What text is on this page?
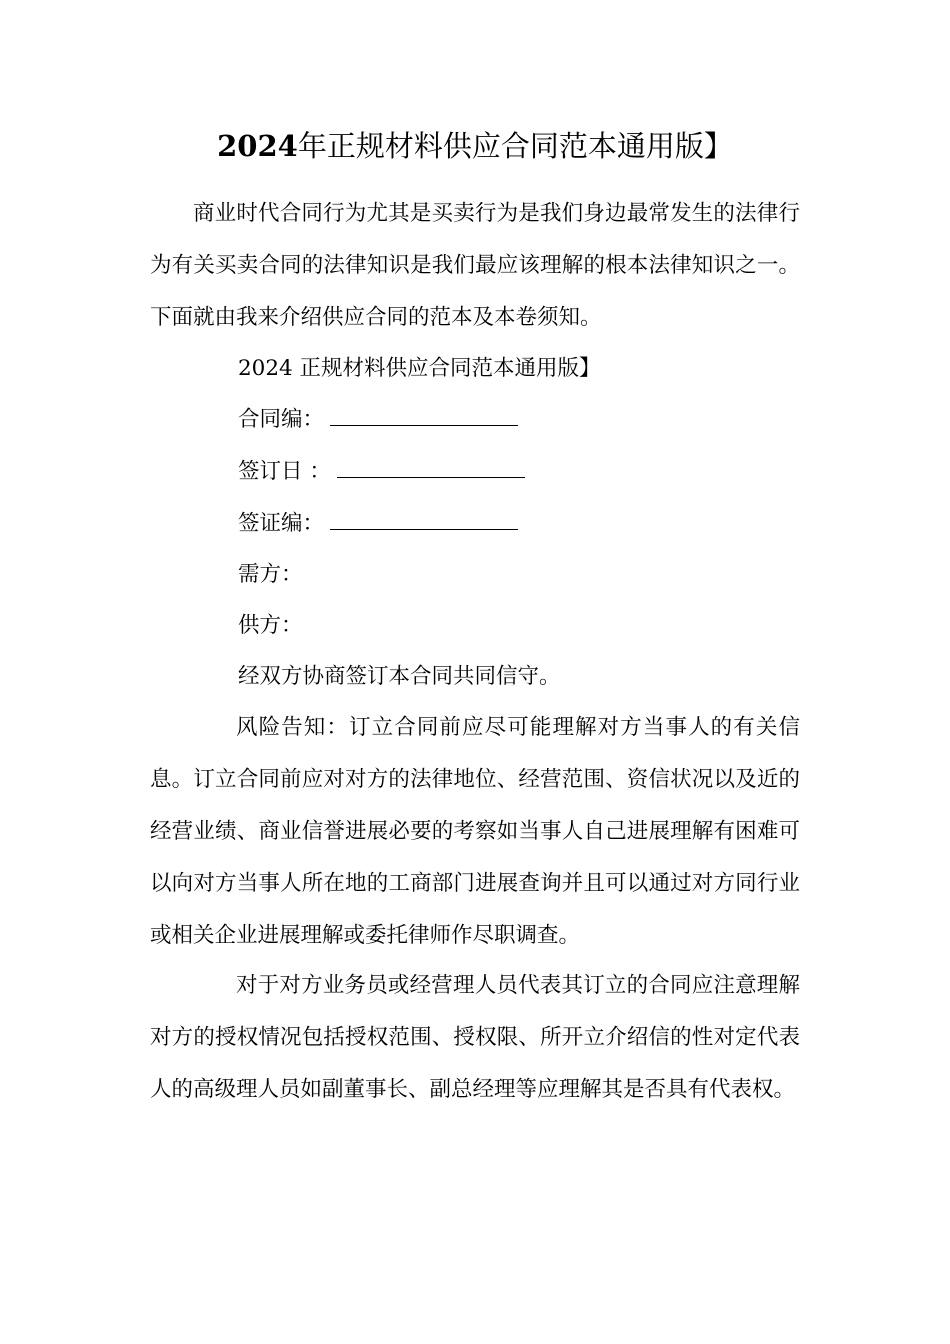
2024年正规材料供应合同范本通用版】

商业时代合同行为尤其是买卖行为是我们身边最常发生的法律行为有关买卖合同的法律知识是我们最应该理解的根本法律知识之一。下面就由我来介绍供应合同的范本及本卷须知。

2024 正规材料供应合同范本通用版】
合同编：
签订日 ：
签证编：
需方：
供方：
经双方协商签订本合同共同信守。

风险告知：订立合同前应尽可能理解对方当事人的有关信息。订立合同前应对对方的法律地位、经营范围、资信状况以及近的经营业绩、商业信誉进展必要的考察如当事人自己进展理解有困难可以向对方当事人所在地的工商部门进展查询并且可以通过对方同行业或相关企业进展理解或委托律师作尽职调查。

对于对方业务员或经营理人员代表其订立的合同应注意理解对方的授权情况包括授权范围、授权限、所开立介绍信的性对定代表人的高级理人员如副董事长、副总经理等应理解其是否具有代表权。
